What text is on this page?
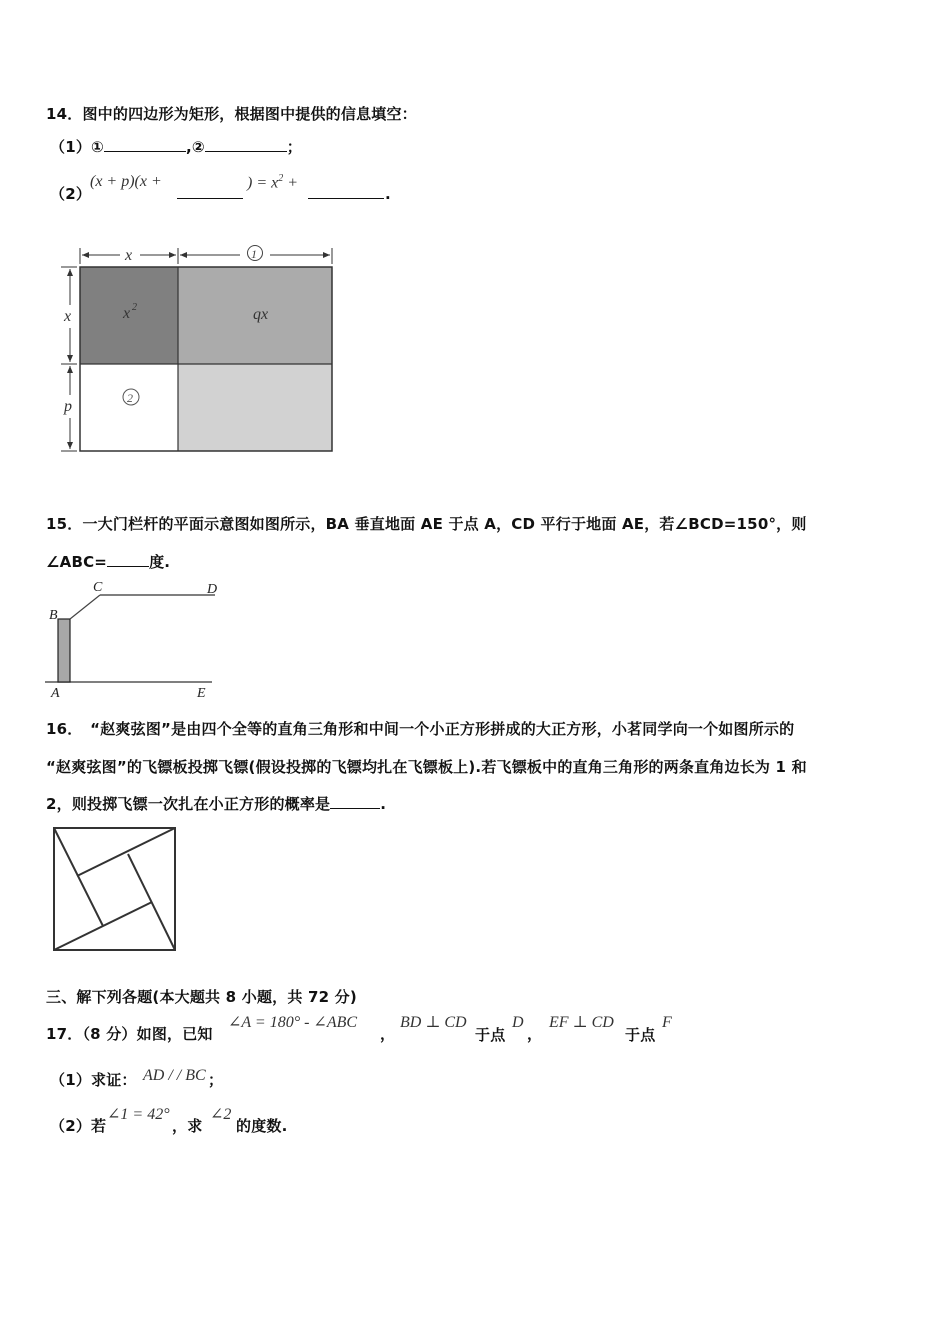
14．图中的四边形为矩形，根据图中提供的信息填空：
（1）①	,②	；
（2）
(x + p)(x +	) = $x^2$ +
.
x	1
x
p
x 2	qx
2
15．一大门栏杆的平面示意图如图所示，BA 垂直地面 AE 于点 A，CD 平行于地面 AE，若∠BCD=150°，则
∠ABC=	度.
B
C	D
A	E
16．　“赵爽弦图”是由四个全等的直角三角形和中间一个小正方形拼成的大正方形，小茗同学向一个如图所示的
“赵爽弦图”的飞镖板投掷飞镖(假设投掷的飞镖均扎在飞镖板上).若飞镖板中的直角三角形的两条直角边长为 1 和
2，则投掷飞镖一次扎在小正方形的概率是	.
三、解下列各题(本大题共 8 小题，共 72 分)
17．（8 分）如图，已知
∠A = 180° - ∠ABC
，
BD ⊥ CD
于点
D
，
EF ⊥ CD
于点
F
（1）求证： AD / / BC ；
（2）若
∠1 = 42°
，求
∠2
的度数.
